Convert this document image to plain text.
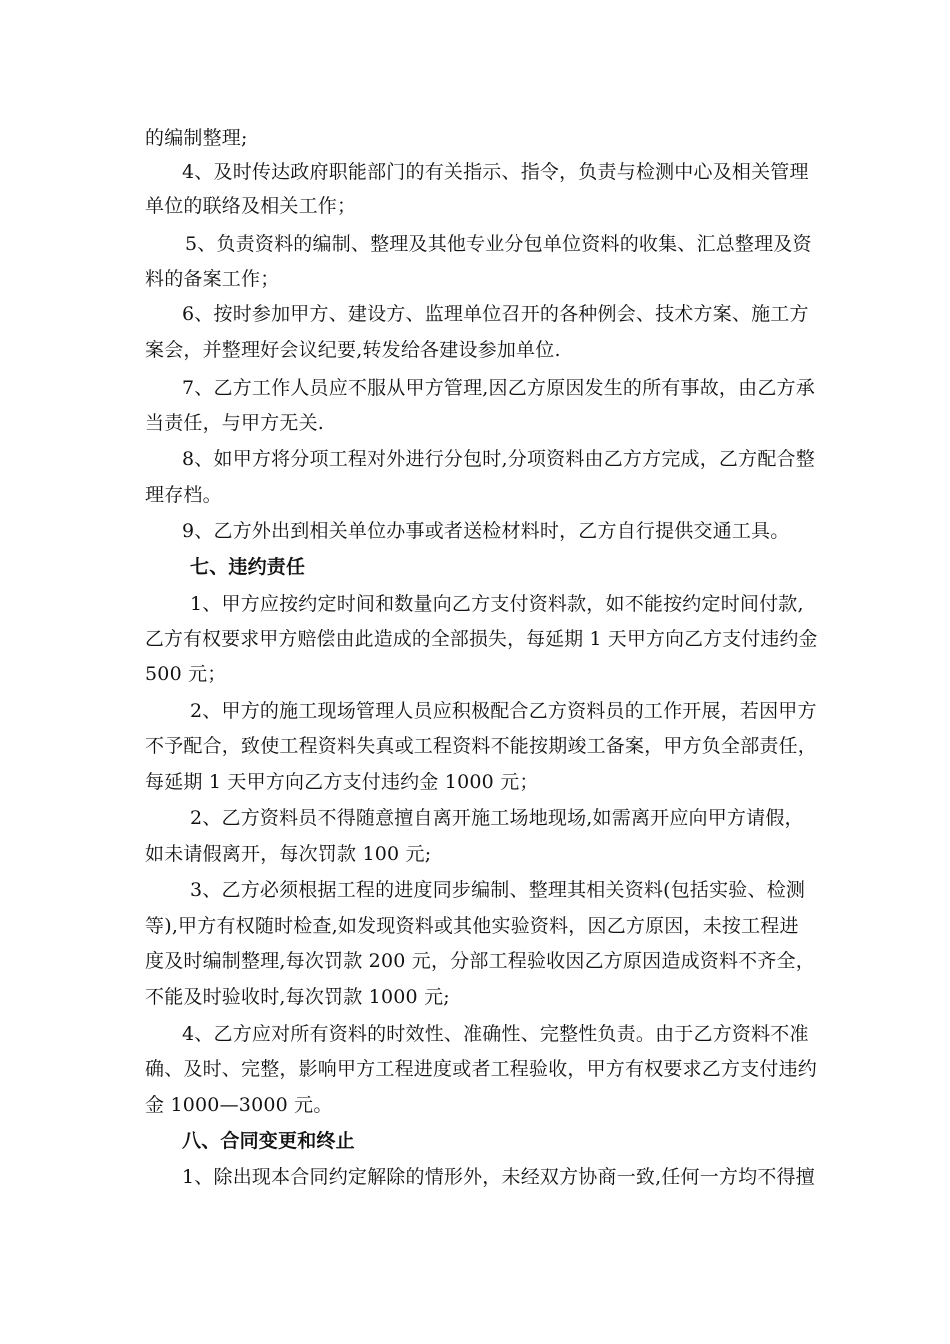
的编制整理;
4、及时传达政府职能部门的有关指示、指令，负责与检测中心及相关管理
单位的联络及相关工作；
5、负责资料的编制、整理及其他专业分包单位资料的收集、汇总整理及资
料的备案工作；
6、按时参加甲方、建设方、监理单位召开的各种例会、技术方案、施工方
案会，并整理好会议纪要,转发给各建设参加单位.
7、乙方工作人员应不服从甲方管理,因乙方原因发生的所有事故，由乙方承
当责任，与甲方无关.
8、如甲方将分项工程对外进行分包时,分项资料由乙方方完成，乙方配合整
理存档。
9、乙方外出到相关单位办事或者送检材料时，乙方自行提供交通工具。
七、违约责任
1、甲方应按约定时间和数量向乙方支付资料款，如不能按约定时间付款,
乙方有权要求甲方赔偿由此造成的全部损失，每延期 1 天甲方向乙方支付违约金
500 元；
2、甲方的施工现场管理人员应积极配合乙方资料员的工作开展，若因甲方
不予配合，致使工程资料失真或工程资料不能按期竣工备案，甲方负全部责任，
每延期 1 天甲方向乙方支付违约金 1000 元；
2、乙方资料员不得随意擅自离开施工场地现场,如需离开应向甲方请假，
如未请假离开，每次罚款 100 元;
3、乙方必须根据工程的进度同步编制、整理其相关资料(包括实验、检测
等),甲方有权随时检查,如发现资料或其他实验资料，因乙方原因，未按工程进
度及时编制整理,每次罚款 200 元，分部工程验收因乙方原因造成资料不齐全，
不能及时验收时,每次罚款 1000 元;
4、乙方应对所有资料的时效性、准确性、完整性负责。由于乙方资料不准
确、及时、完整，影响甲方工程进度或者工程验收，甲方有权要求乙方支付违约
金 1000—3000 元。
八、合同变更和终止
1、除出现本合同约定解除的情形外，未经双方协商一致,任何一方均不得擅
